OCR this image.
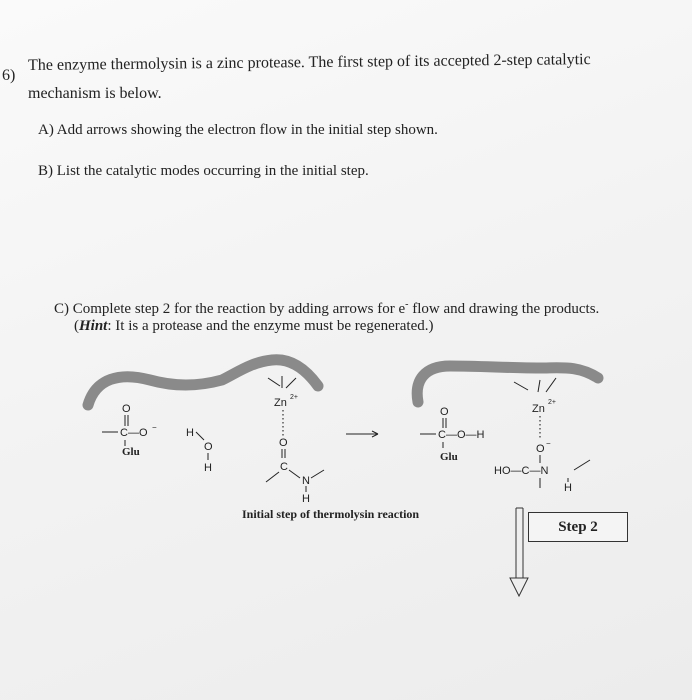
6)
The enzyme thermolysin is a zinc protease. The first step of its accepted 2-step catalytic
mechanism is below.
A) Add arrows showing the electron flow in the initial step shown.
B) List the catalytic modes occurring in the initial step.
C) Complete step 2 for the reaction by adding arrows for e- flow and drawing the products.
(Hint: It is a protease and the enzyme must be regenerated.)
Zn 2+
O
C
N
H
O
C—O −
Glu
H
O
H
O
C—O—H
Glu
Zn
2+
O −
HO—C—N
H
Initial step of thermolysin reaction
Step 2
